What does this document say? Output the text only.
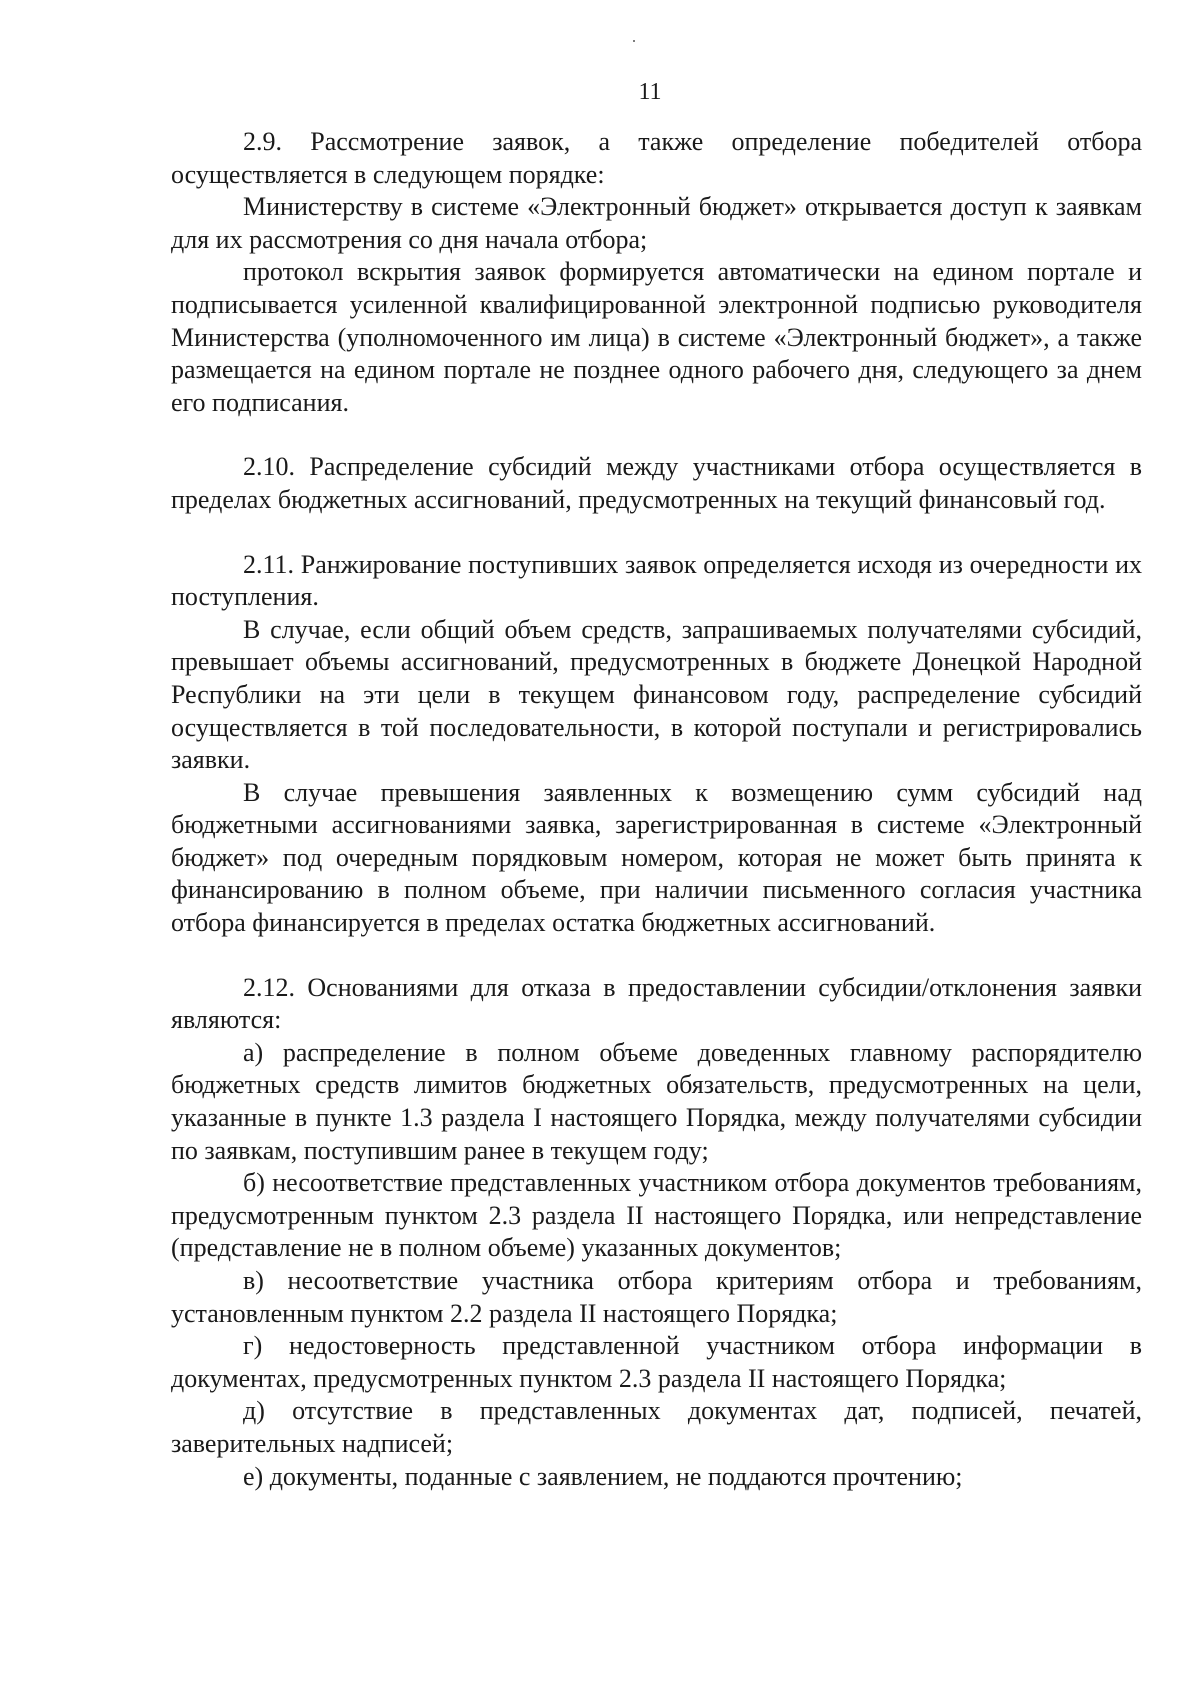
11

2.9. Рассмотрение заявок, а также определение победителей отбора осуществляется в следующем порядке:

Министерству в системе «Электронный бюджет» открывается доступ к заявкам для их рассмотрения со дня начала отбора;

протокол вскрытия заявок формируется автоматически на едином портале и подписывается усиленной квалифицированной электронной подписью руководителя Министерства (уполномоченного им лица) в системе «Электронный бюджет», а также размещается на едином портале не позднее одного рабочего дня, следующего за днем его подписания.

2.10. Распределение субсидий между участниками отбора осуществляется в пределах бюджетных ассигнований, предусмотренных на текущий финансовый год.

2.11. Ранжирование поступивших заявок определяется исходя из очередности их поступления.

В случае, если общий объем средств, запрашиваемых получателями субсидий, превышает объемы ассигнований, предусмотренных в бюджете Донецкой Народной Республики на эти цели в текущем финансовом году, распределение субсидий осуществляется в той последовательности, в которой поступали и регистрировались заявки.

В случае превышения заявленных к возмещению сумм субсидий над бюджетными ассигнованиями заявка, зарегистрированная в системе «Электронный бюджет» под очередным порядковым номером, которая не может быть принята к финансированию в полном объеме, при наличии письменного согласия участника отбора финансируется в пределах остатка бюджетных ассигнований.

2.12. Основаниями для отказа в предоставлении субсидии/отклонения заявки являются:

а) распределение в полном объеме доведенных главному распорядителю бюджетных средств лимитов бюджетных обязательств, предусмотренных на цели, указанные в пункте 1.3 раздела I настоящего Порядка, между получателями субсидии по заявкам, поступившим ранее в текущем году;

б) несоответствие представленных участником отбора документов требованиям, предусмотренным пунктом 2.3 раздела II настоящего Порядка, или непредставление (представление не в полном объеме) указанных документов;

в) несоответствие участника отбора критериям отбора и требованиям, установленным пунктом 2.2 раздела II настоящего Порядка;

г) недостоверность представленной участником отбора информации в документах, предусмотренных пунктом 2.3 раздела II настоящего Порядка;

д) отсутствие в представленных документах дат, подписей, печатей, заверительных надписей;

е) документы, поданные с заявлением, не поддаются прочтению;
